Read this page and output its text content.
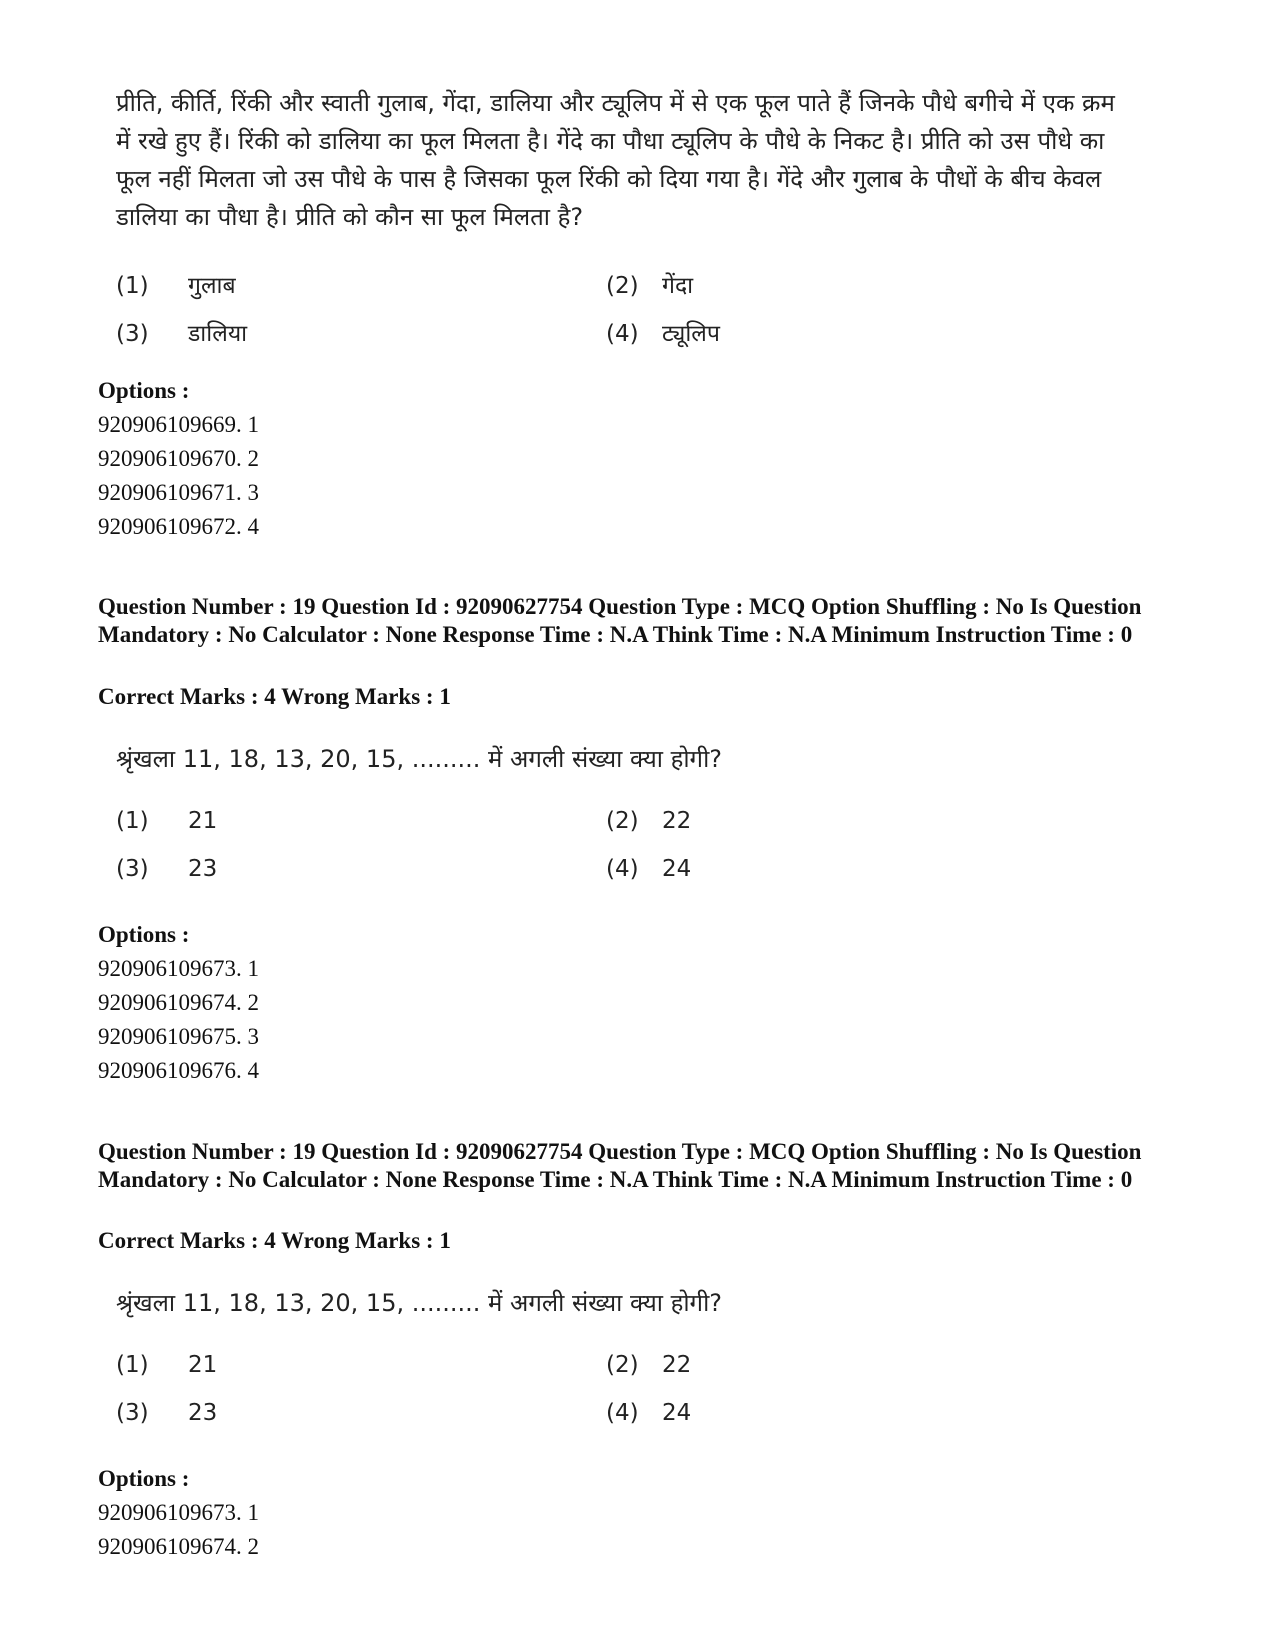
प्रीति, कीर्ति, रिंकी और स्वाती गुलाब, गेंदा, डालिया और ट्यूलिप में से एक फूल पाते हैं जिनके पौधे बगीचे में एक क्रम में रखे हुए हैं। रिंकी को डालिया का फूल मिलता है। गेंदे का पौधा ट्यूलिप के पौधे के निकट है। प्रीति को उस पौधे का फूल नहीं मिलता जो उस पौधे के पास है जिसका फूल रिंकी को दिया गया है। गेंदे और गुलाब के पौधों के बीच केवल डालिया का पौधा है। प्रीति को कौन सा फूल मिलता है?
(1) गुलाब	(2) गेंदा
(3) डालिया	(4) ट्यूलिप
Options :
920906109669. 1
920906109670. 2
920906109671. 3
920906109672. 4
Question Number : 19 Question Id : 92090627754 Question Type : MCQ Option Shuffling : No Is Question Mandatory : No Calculator : None Response Time : N.A Think Time : N.A Minimum Instruction Time : 0
Correct Marks : 4 Wrong Marks : 1
श्रृंखला 11, 18, 13, 20, 15, ......... में अगली संख्या क्या होगी?
(1) 21	(2) 22
(3) 23	(4) 24
Options :
920906109673. 1
920906109674. 2
920906109675. 3
920906109676. 4
Question Number : 19 Question Id : 92090627754 Question Type : MCQ Option Shuffling : No Is Question Mandatory : No Calculator : None Response Time : N.A Think Time : N.A Minimum Instruction Time : 0
Correct Marks : 4 Wrong Marks : 1
श्रृंखला 11, 18, 13, 20, 15, ......... में अगली संख्या क्या होगी?
(1) 21	(2) 22
(3) 23	(4) 24
Options :
920906109673. 1
920906109674. 2
